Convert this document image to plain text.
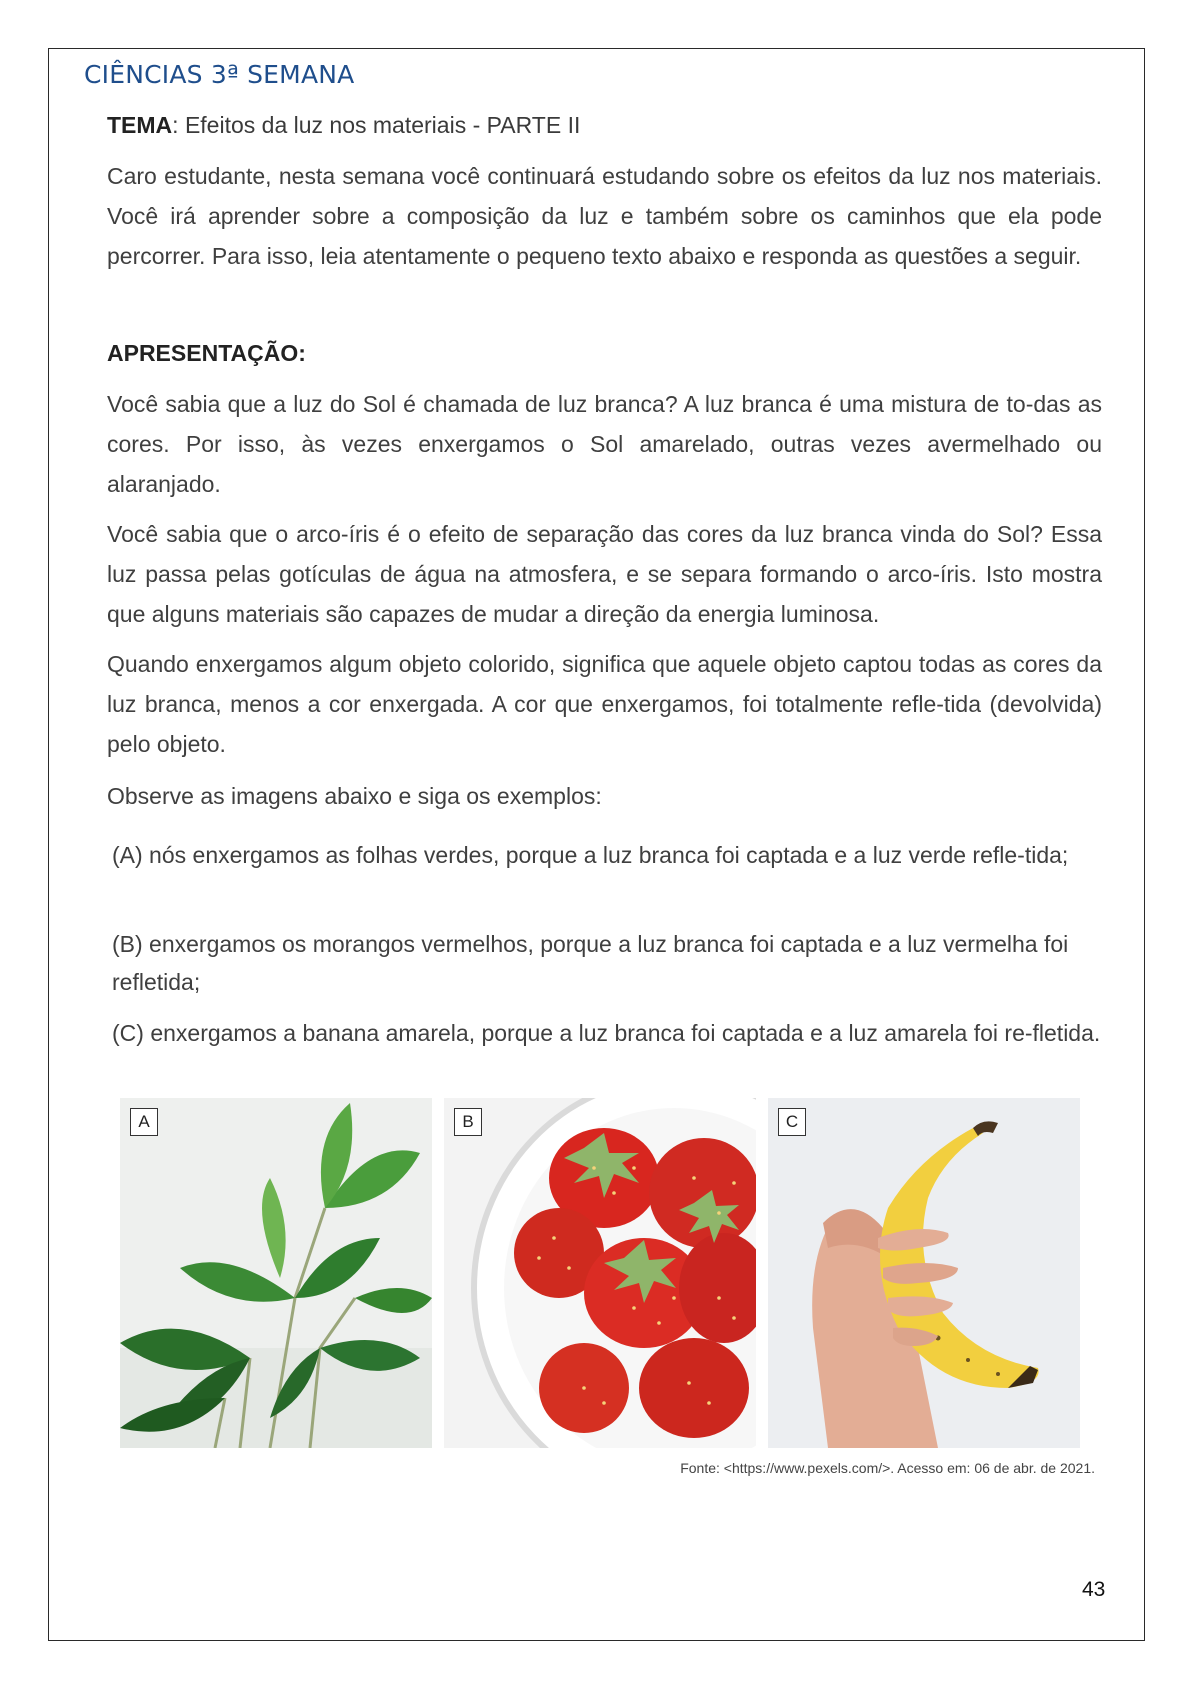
CIÊNCIAS 3ª SEMANA
TEMA: Efeitos da luz nos materiais - PARTE II

Caro estudante, nesta semana você continuará estudando sobre os efeitos da luz nos materiais. Você irá aprender sobre a composição da luz e também sobre os caminhos que ela pode percorrer. Para isso, leia atentamente o pequeno texto abaixo e responda as questões a seguir.

APRESENTAÇÃO:

Você sabia que a luz do Sol é chamada de luz branca? A luz branca é uma mistura de to-das as cores. Por isso, às vezes enxergamos o Sol amarelado, outras vezes avermelhado ou alaranjado.

Você sabia que o arco-íris é o efeito de separação das cores da luz branca vinda do Sol? Essa luz passa pelas gotículas de água na atmosfera, e se separa formando o arco-íris. Isto mostra que alguns materiais são capazes de mudar a direção da energia luminosa.

Quando enxergamos algum objeto colorido, significa que aquele objeto captou todas as cores da luz branca, menos a cor enxergada. A cor que enxergamos, foi totalmente refle-tida (devolvida) pelo objeto.

Observe as imagens abaixo e siga os exemplos:

(A) nós enxergamos as folhas verdes, porque a luz branca foi captada e a luz verde refle-tida;

(B) enxergamos os morangos vermelhos, porque a luz branca foi captada e a luz vermelha foi refletida;

(C) enxergamos a banana amarela, porque a luz branca foi captada e a luz amarela foi re-fletida.

A	B	C
Fonte: <https://www.pexels.com/>. Acesso em: 06 de abr. de 2021.
43
